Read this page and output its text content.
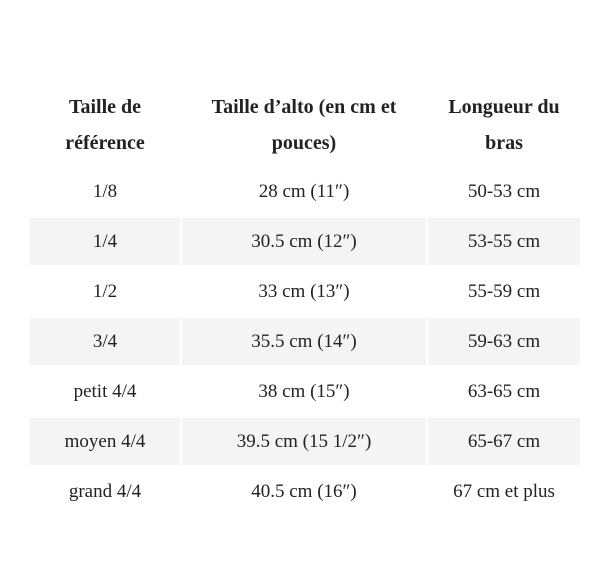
Taille de référence	Taille d’alto (en cm et pouces)	Longueur du bras
1/8	28 cm (11″)	50-53 cm
1/4	30.5 cm (12″)	53-55 cm
1/2	33 cm (13″)	55-59 cm
3/4	35.5 cm (14″)	59-63 cm
petit 4/4	38 cm (15″)	63-65 cm
moyen 4/4	39.5 cm (15 1/2″)	65-67 cm
grand 4/4	40.5 cm (16″)	67 cm et plus
